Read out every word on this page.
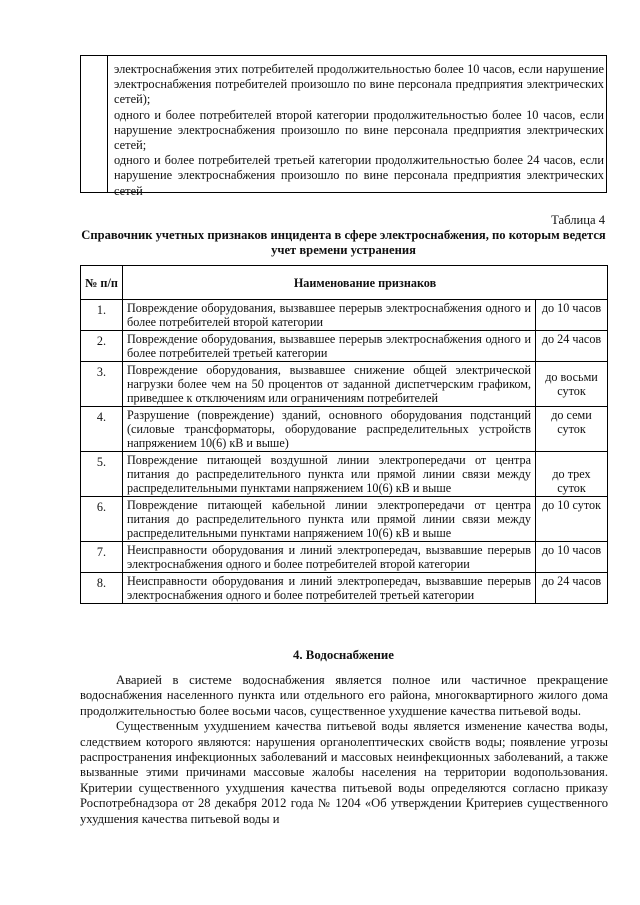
электроснабжения этих потребителей продолжительностью более 10 часов, если нарушение электроснабжения потребителей произошло по вине персонала предприятия электрических сетей);

одного и более потребителей второй категории продолжительностью более 10 часов, если нарушение электроснабжения произошло по вине персонала предприятия электрических сетей;

одного и более потребителей третьей категории продолжительностью более 24 часов, если нарушение электроснабжения произошло по вине персонала предприятия электрических сетей

Таблица 4
Справочник учетных признаков инцидента в сфере электроснабжения, по которым ведется учет времени устранения
№ п/п	Наименование признаков	
1.	Повреждение оборудования, вызвавшее перерыв электроснабжения одного и более потребителей второй категории	до 10 часов
2.	Повреждение оборудования, вызвавшее перерыв электроснабжения одного и более потребителей третьей категории	до 24 часов
3.	Повреждение оборудования, вызвавшее снижение общей электрической нагрузки более чем на 50 процентов от заданной диспетчерским графиком, приведшее к отключениям или ограничениям потребителей	до восьми суток
4.	Разрушение (повреждение) зданий, основного оборудования подстанций (силовые трансформаторы, оборудование распределительных устройств напряжением 10(6) кВ и выше)	до семи суток
5.	Повреждение питающей воздушной линии электропередачи от центра питания до распределительного пункта или прямой линии связи между распределительными пунктами напряжением 10(6) кВ и выше	до трех суток
6.	Повреждение питающей кабельной линии электропередачи от центра питания до распределительного пункта или прямой линии связи между распределительными пунктами напряжением 10(6) кВ и выше	до 10 суток
7.	Неисправности оборудования и линий электропередач, вызвавшие перерыв электроснабжения одного и более потребителей второй категории	до 10 часов
8.	Неисправности оборудования и линий электропередач, вызвавшие перерыв электроснабжения одного и более потребителей третьей категории	до 24 часов
4. Водоснабжение

Аварией в системе водоснабжения является полное или частичное прекращение водоснабжения населенного пункта или отдельного его района, многоквартирного жилого дома продолжительностью более восьми часов, существенное ухудшение качества питьевой воды.

Существенным ухудшением качества питьевой воды является изменение качества воды, следствием которого являются: нарушения органолептических свойств воды; появление угрозы распространения инфекционных заболеваний и массовых неинфекционных заболеваний, а также вызванные этими причинами массовые жалобы населения на территории водопользования. Критерии существенного ухудшения качества питьевой воды определяются согласно приказу Роспотребнадзора от 28 декабря 2012 года № 1204 «Об утверждении Критериев существенного ухудшения качества питьевой воды и
